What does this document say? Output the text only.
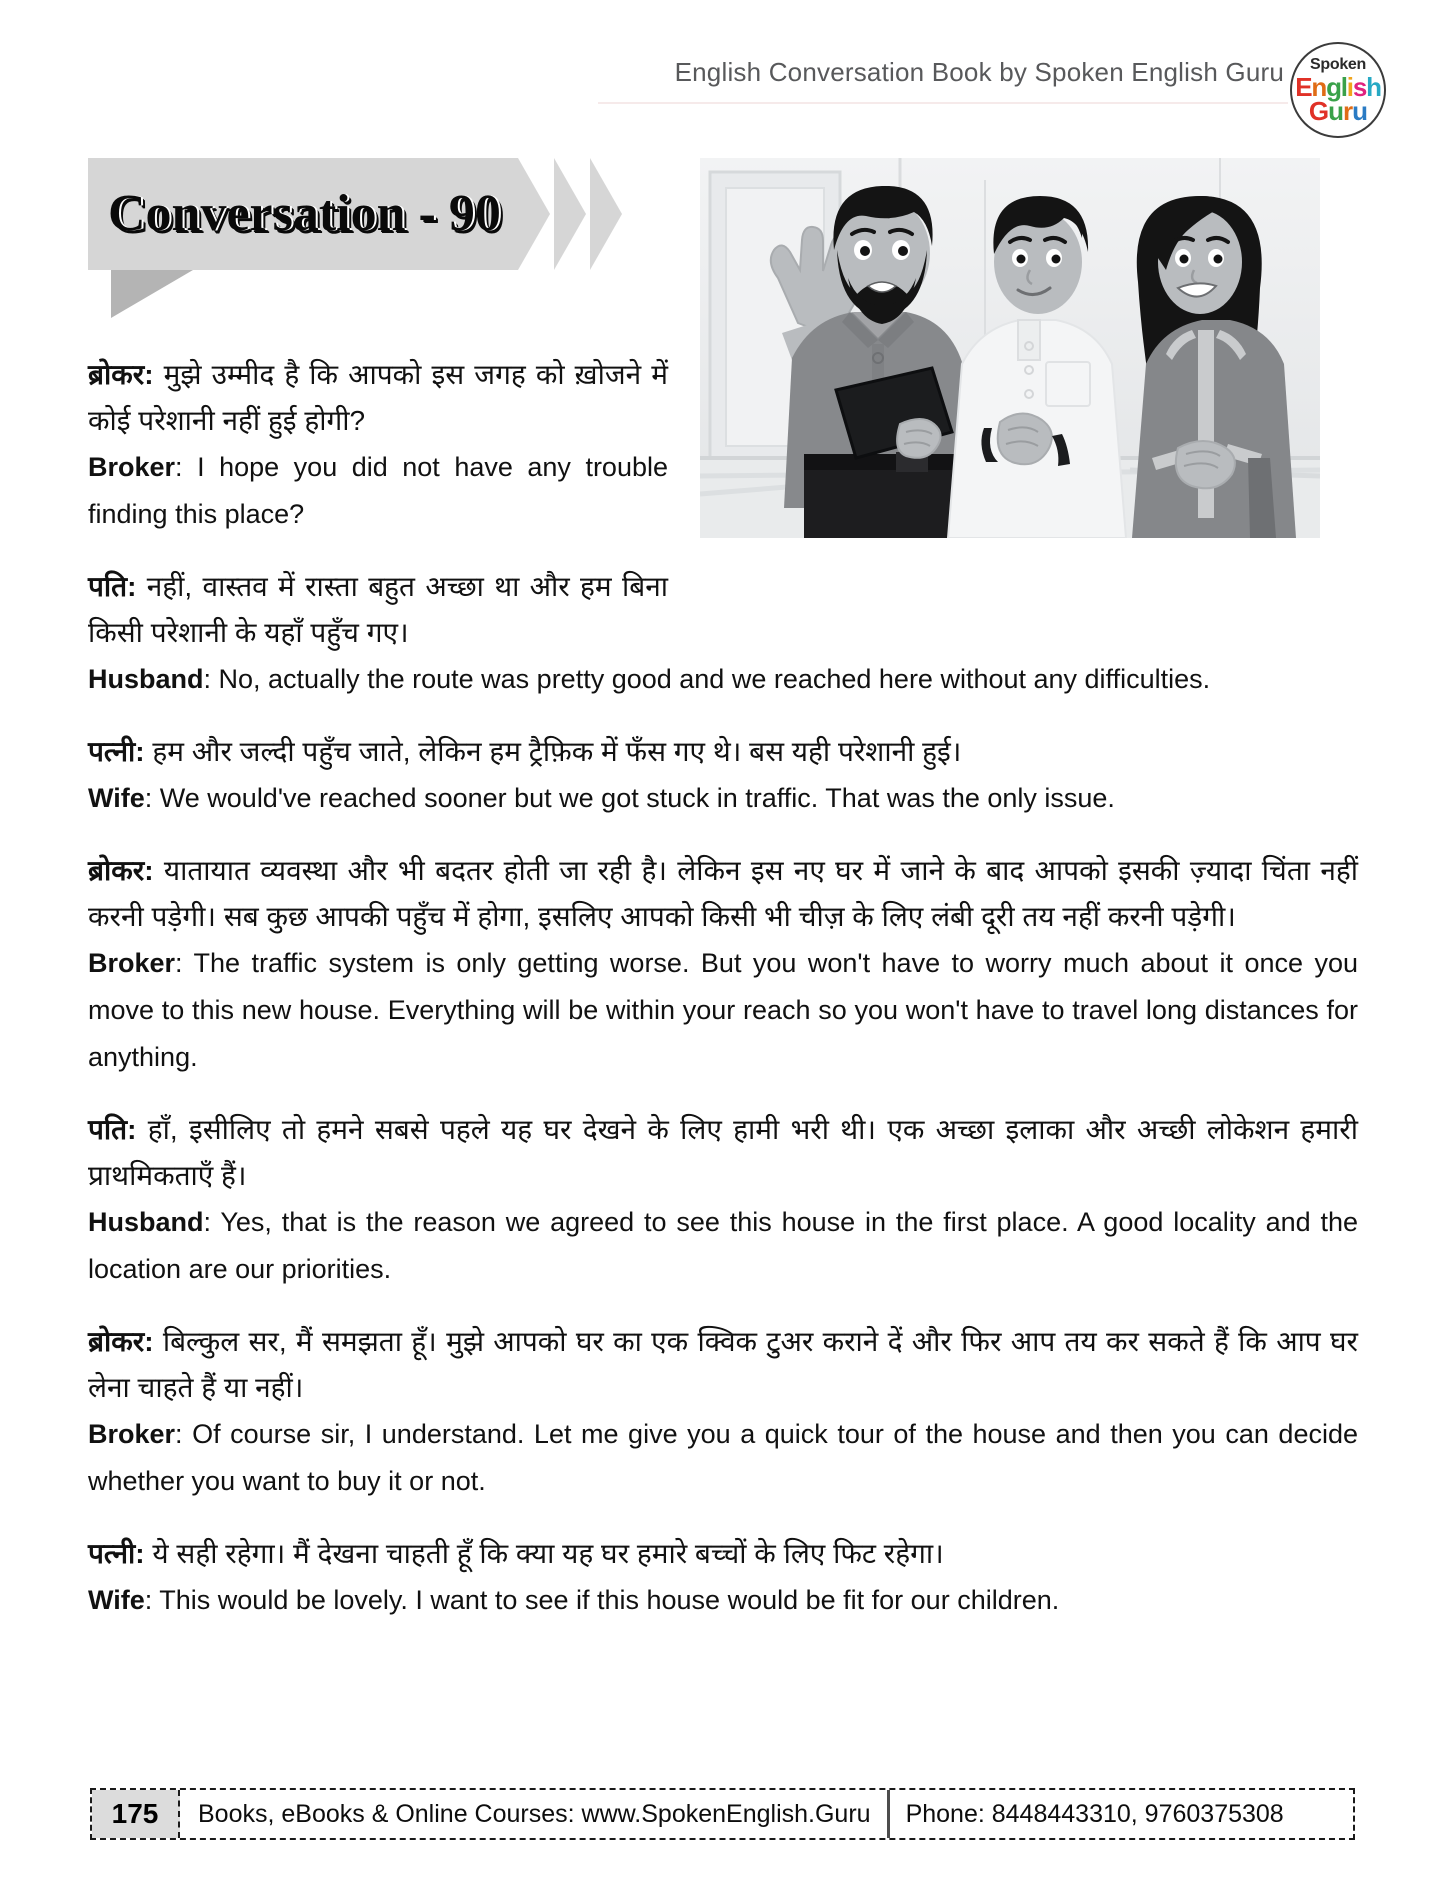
English Conversation Book by Spoken English Guru Spoken
English
Guru
Conversation - 90

ब्रोकर: मुझे उम्मीद है कि आपको इस जगह को ख़ोजने में कोई परेशानी नहीं हुई होगी?

Broker: I hope you did not have any trouble finding this place?

पति: नहीं, वास्तव में रास्ता बहुत अच्छा था और हम बिना किसी परेशानी के यहाँ पहुँच गए।

Husband: No, actually the route was pretty good and we reached here without any difficulties.

पत्नी: हम और जल्दी पहुँच जाते, लेकिन हम ट्रैफ़िक में फँस गए थे। बस यही परेशानी हुई।

Wife: We would've reached sooner but we got stuck in traffic. That was the only issue.

ब्रोकर: यातायात व्यवस्था और भी बदतर होती जा रही है। लेकिन इस नए घर में जाने के बाद आपको इसकी ज़्यादा चिंता नहीं करनी पड़ेगी। सब कुछ आपकी पहुँच में होगा, इसलिए आपको किसी भी चीज़ के लिए लंबी दूरी तय नहीं करनी पड़ेगी।

Broker: The traffic system is only getting worse. But you won't have to worry much about it once you move to this new house. Everything will be within your reach so you won't have to travel long distances for anything.

पति: हाँ, इसीलिए तो हमने सबसे पहले यह घर देखने के लिए हामी भरी थी। एक अच्छा इलाका और अच्छी लोकेशन हमारी प्राथमिकताएँ हैं।

Husband: Yes, that is the reason we agreed to see this house in the first place. A good locality and the location are our priorities.

ब्रोकर: बिल्कुल सर, मैं समझता हूँ। मुझे आपको घर का एक क्विक टुअर कराने दें और फिर आप तय कर सकते हैं कि आप घर लेना चाहते हैं या नहीं।

Broker: Of course sir, I understand. Let me give you a quick tour of the house and then you can decide whether you want to buy it or not.

पत्नी: ये सही रहेगा। मैं देखना चाहती हूँ कि क्या यह घर हमारे बच्चों के लिए फिट रहेगा।

Wife: This would be lovely. I want to see if this house would be fit for our children.

175	Books, eBooks & Online Courses: www.SpokenEnglish.Guru	Phone: 8448443310, 9760375308
